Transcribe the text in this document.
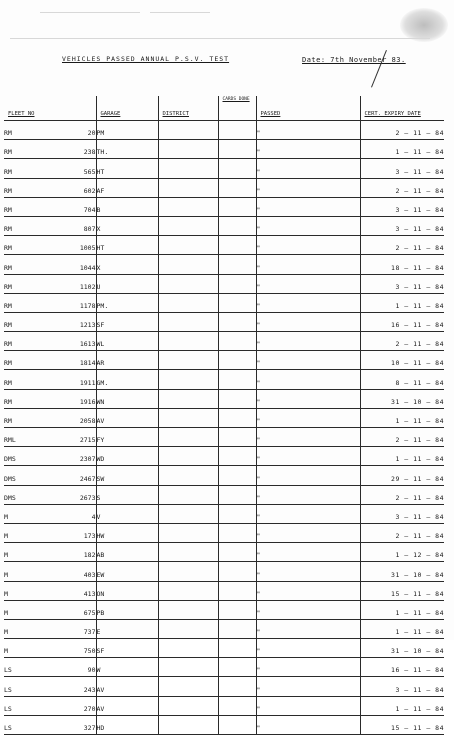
VEHICLES PASSED ANNUAL P.S.V. TEST	Date: 7th November 83.
FLEET NO		GARAGE	DISTRICT	CARDS DONE	PASSED	CERT. EXPIRY DATE
RM	20	PM			"	2 – 11 – 84
RM	238	TH.			"	1 – 11 – 84
RM	565	HT			"	3 – 11 – 84
RM	602	AF			"	2 – 11 – 84
RM	704	B			"	3 – 11 – 84
RM	807	X			"	3 – 11 – 84
RM	1005	HT			"	2 – 11 – 84
RM	1044	X			"	18 – 11 – 84
RM	1102	U			"	3 – 11 – 84
RM	1178	PM.			"	1 – 11 – 84
RM	1213	SF			"	16 – 11 – 84
RM	1613	WL			"	2 – 11 – 84
RM	1814	AR			"	10 – 11 – 84
RM	1911	GM.			"	8 – 11 – 84
RM	1916	WN			"	31 – 10 – 84
RM	2058	AV			"	1 – 11 – 84
RML	2715	FY			"	2 – 11 – 84
DMS	2307	WD			"	1 – 11 – 84
DMS	2467	SW			"	29 – 11 – 84
DMS	2673	S			"	2 – 11 – 84
M	4	V			"	3 – 11 – 84
M	173	HW			"	2 – 11 – 84
M	182	AB			"	1 – 12 – 84
M	403	EW			"	31 – 10 – 84
M	413	ON			"	15 – 11 – 84
M	675	PB			"	1 – 11 – 84
M	737	E			"	1 – 11 – 84
M	750	SF			"	31 – 10 – 84
LS	90	W			"	16 – 11 – 84
LS	243	AV			"	3 – 11 – 84
LS	270	AV			"	1 – 11 – 84
LS	327	HD			"	15 – 11 – 84
